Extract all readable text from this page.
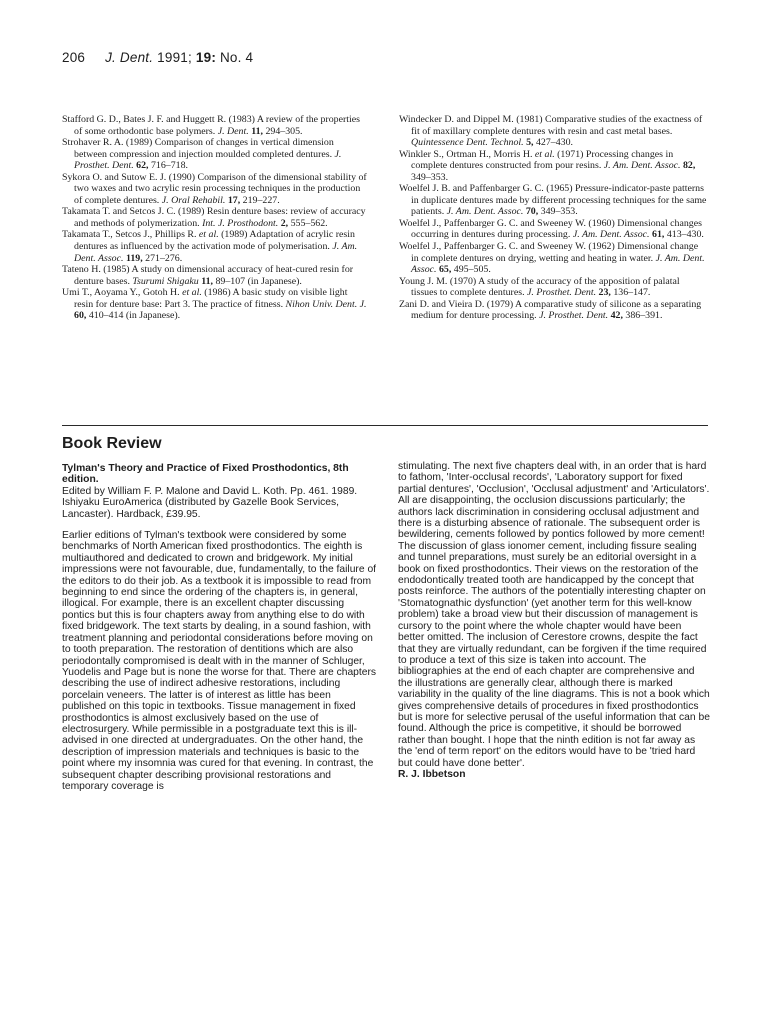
206 J. Dent. 1991; 19: No. 4

Stafford G. D., Bates J. F. and Huggett R. (1983) A review of the properties of some orthodontic base polymers. J. Dent. 11, 294–305.

Strohaver R. A. (1989) Comparison of changes in vertical dimension between compression and injection moulded completed dentures. J. Prosthet. Dent. 62, 716–718.

Sykora O. and Sutow E. J. (1990) Comparison of the dimensional stability of two waxes and two acrylic resin processing techniques in the production of complete dentures. J. Oral Rehabil. 17, 219–227.

Takamata T. and Setcos J. C. (1989) Resin denture bases: review of accuracy and methods of polymerization. Int. J. Prosthodont. 2, 555–562.

Takamata T., Setcos J., Phillips R. et al. (1989) Adaptation of acrylic resin dentures as influenced by the activation mode of polymerisation. J. Am. Dent. Assoc. 119, 271–276.

Tateno H. (1985) A study on dimensional accuracy of heat-cured resin for denture bases. Tsurumi Shigaku 11, 89–107 (in Japanese).

Umi T., Aoyama Y., Gotoh H. et al. (1986) A basic study on visible light resin for denture base: Part 3. The practice of fitness. Nihon Univ. Dent. J. 60, 410–414 (in Japanese).

Windecker D. and Dippel M. (1981) Comparative studies of the exactness of fit of maxillary complete dentures with resin and cast metal bases. Quintessence Dent. Technol. 5, 427–430.

Winkler S., Ortman H., Morris H. et al. (1971) Processing changes in complete dentures constructed from pour resins. J. Am. Dent. Assoc. 82, 349–353.

Woelfel J. B. and Paffenbarger G. C. (1965) Pressure-indicator-paste patterns in duplicate dentures made by different processing techniques for the same patients. J. Am. Dent. Assoc. 70, 349–353.

Woelfel J., Paffenbarger G. C. and Sweeney W. (1960) Dimensional changes occurring in dentures during processing. J. Am. Dent. Assoc. 61, 413–430.

Woelfel J., Paffenbarger G. C. and Sweeney W. (1962) Dimensional change in complete dentures on drying, wetting and heating in water. J. Am. Dent. Assoc. 65, 495–505.

Young J. M. (1970) A study of the accuracy of the apposition of palatal tissues to complete dentures. J. Prosthet. Dent. 23, 136–147.

Zani D. and Vieira D. (1979) A comparative study of silicone as a separating medium for denture processing. J. Prosthet. Dent. 42, 386–391.

Book Review

Tylman's Theory and Practice of Fixed Prosthodontics, 8th edition.

Edited by William F. P. Malone and David L. Koth. Pp. 461. 1989. Ishiyaku EuroAmerica (distributed by Gazelle Book Services, Lancaster). Hardback, £39.95.

Earlier editions of Tylman's textbook were considered by some benchmarks of North American fixed prosthodontics. The eighth is multiauthored and dedicated to crown and bridgework. My initial impressions were not favourable, due, fundamentally, to the failure of the editors to do their job. As a textbook it is impossible to read from beginning to end since the ordering of the chapters is, in general, illogical. For example, there is an excellent chapter discussing pontics but this is four chapters away from anything else to do with fixed bridgework. The text starts by dealing, in a sound fashion, with treatment planning and periodontal considerations before moving on to tooth preparation. The restoration of dentitions which are also periodontally compromised is dealt with in the manner of Schluger, Yuodelis and Page but is none the worse for that. There are chapters describing the use of indirect adhesive restorations, including porcelain veneers. The latter is of interest as little has been published on this topic in textbooks. Tissue management in fixed prosthodontics is almost exclusively based on the use of electrosurgery. While permissible in a postgraduate text this is ill-advised in one directed at undergraduates. On the other hand, the description of impression materials and techniques is basic to the point where my insomnia was cured for that evening. In contrast, the subsequent chapter describing provisional restorations and temporary coverage is

stimulating. The next five chapters deal with, in an order that is hard to fathom, 'Inter-occlusal records', 'Laboratory support for fixed partial dentures', 'Occlusion', 'Occlusal adjustment' and 'Articulators'. All are disappointing, the occlusion discussions particularly; the authors lack discrimination in considering occlusal adjustment and there is a disturbing absence of rationale. The subsequent order is bewildering, cements followed by pontics followed by more cement! The discussion of glass ionomer cement, including fissure sealing and tunnel preparations, must surely be an editorial oversight in a book on fixed prosthodontics. Their views on the restoration of the endodontically treated tooth are handicapped by the concept that posts reinforce. The authors of the potentially interesting chapter on 'Stomatognathic dysfunction' (yet another term for this well-know problem) take a broad view but their discussion of management is cursory to the point where the whole chapter would have been better omitted. The inclusion of Cerestore crowns, despite the fact that they are virtually redundant, can be forgiven if the time required to produce a text of this size is taken into account. The bibliographies at the end of each chapter are comprehensive and the illustrations are generally clear, although there is marked variability in the quality of the line diagrams. This is not a book which gives comprehensive details of procedures in fixed prosthodontics but is more for selective perusal of the useful information that can be found. Although the price is competitive, it should be borrowed rather than bought. I hope that the ninth edition is not far away as the 'end of term report' on the editors would have to be 'tried hard but could have done better'.

R. J. Ibbetson
